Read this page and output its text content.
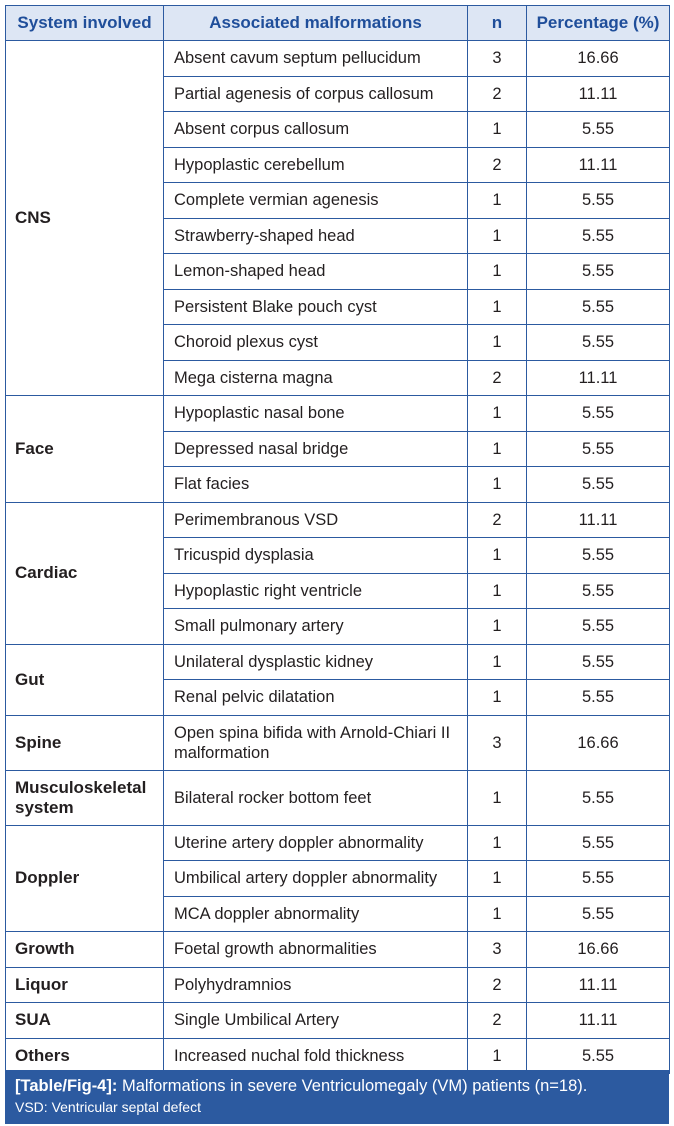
System involved	Associated malformations	n	Percentage (%)
CNS	Absent cavum septum pellucidum	3	16.66
	Partial agenesis of corpus callosum	2	11.11
	Absent corpus callosum	1	5.55
	Hypoplastic cerebellum	2	11.11
	Complete vermian agenesis	1	5.55
	Strawberry-shaped head	1	5.55
	Lemon-shaped head	1	5.55
	Persistent Blake pouch cyst	1	5.55
	Choroid plexus cyst	1	5.55
	Mega cisterna magna	2	11.11
Face	Hypoplastic nasal bone	1	5.55
	Depressed nasal bridge	1	5.55
	Flat facies	1	5.55
Cardiac	Perimembranous VSD	2	11.11
	Tricuspid dysplasia	1	5.55
	Hypoplastic right ventricle	1	5.55
	Small pulmonary artery	1	5.55
Gut	Unilateral dysplastic kidney	1	5.55
	Renal pelvic dilatation	1	5.55
Spine	Open spina bifida with Arnold-Chiari II malformation	3	16.66
Musculoskeletal system	Bilateral rocker bottom feet	1	5.55
Doppler	Uterine artery doppler abnormality	1	5.55
	Umbilical artery doppler abnormality	1	5.55
	MCA doppler abnormality	1	5.55
Growth	Foetal growth abnormalities	3	16.66
Liquor	Polyhydramnios	2	11.11
SUA	Single Umbilical Artery	2	11.11
Others	Increased nuchal fold thickness	1	5.55
[Table/Fig-4]: Malformations in severe Ventriculomegaly (VM) patients (n=18).
VSD: Ventricular septal defect
